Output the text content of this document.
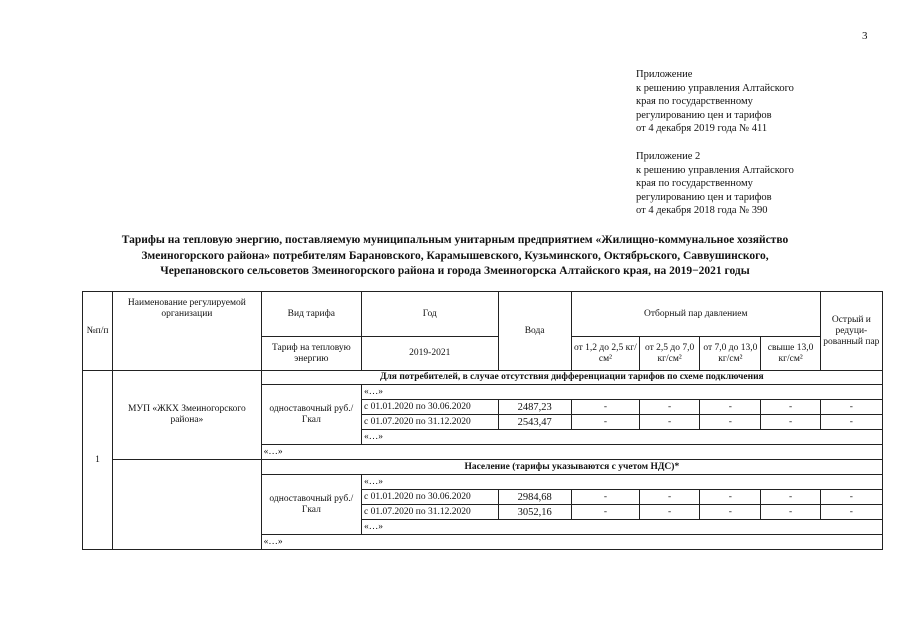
3
Приложение
к решению управления Алтайского
края по государственному
регулированию цен и тарифов
от 4 декабря 2019 года № 411
Приложение 2
к решению управления Алтайского
края по государственному
регулированию цен и тарифов
от 4 декабря 2018 года № 390
Тарифы на тепловую энергию, поставляемую муниципальным унитарным предприятием «Жилищно-коммунальное хозяйство
Змеиногорского района» потребителям Барановского, Карамышевского, Кузьминского, Октябрьского, Саввушинского,
Черепановского сельсоветов Змеиногорского района и города Змеиногорска Алтайского края, на 2019−2021 годы
№п/п	Наименование регулируемой организации	Вид тарифа	Год	Вода	Отборный пар давлением				Острый и редуци-рованный пар
		Тариф на тепловую энергию	2019-2021		от 1,2 до 2,5 кг/см²	от 2,5 до 7,0 кг/см²	от 7,0 до 13,0 кг/см²	свыше 13,0 кг/см²	
1	МУП «ЖКХ Змеиногорского района»	Для потребителей, в случае отсутствия дифференциации тарифов по схеме подключения							
		одноставочный руб./Гкал	«…»						
			с 01.01.2020 по 30.06.2020	2487,23	-	-	-	-	-
			с 01.07.2020 по 31.12.2020	2543,47	-	-	-	-	-
			«…»						
		«…»							
		Население (тарифы указываются с учетом НДС)*							
		одноставочный руб./Гкал	«…»						
			с 01.01.2020 по 30.06.2020	2984,68	-	-	-	-	-
			с 01.07.2020 по 31.12.2020	3052,16	-	-	-	-	-
			«…»						
		«…»							
